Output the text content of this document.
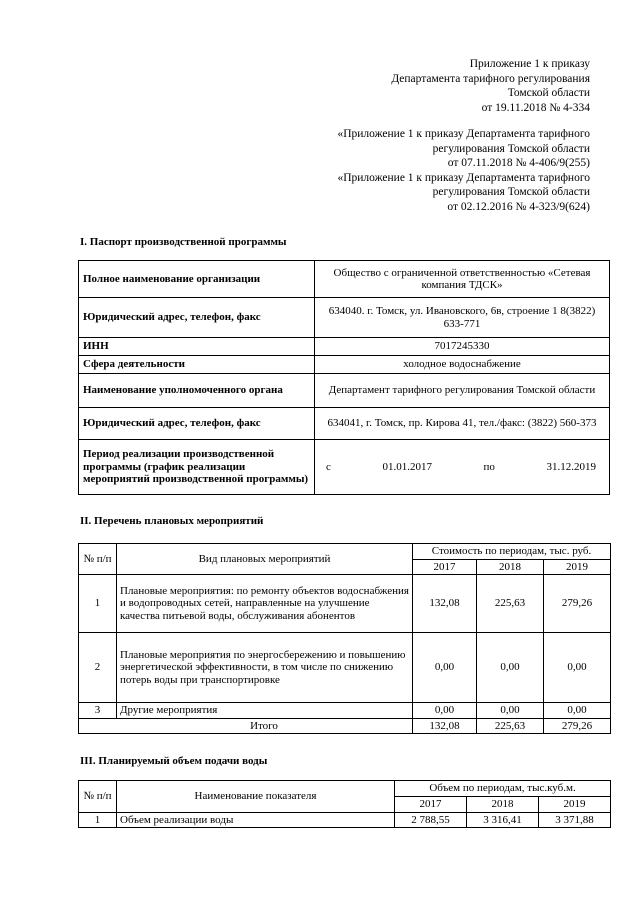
Приложение 1 к приказу
Департамента тарифного регулирования
Томской области
от 19.11.2018 № 4-334
«Приложение 1 к приказу Департамента тарифного
регулирования Томской области
от 07.11.2018 № 4-406/9(255)
«Приложение 1 к приказу Департамента тарифного
регулирования Томской области
от 02.12.2016 № 4-323/9(624)
I. Паспорт производственной программы
Полное наименование организации	Общество с ограниченной ответственностью «Сетевая компания ТДСК»
Юридический адрес, телефон, факс	634040. г. Томск, ул. Ивановского, 6в, строение 1 8(3822) 633-771
ИНН	7017245330
Сфера деятельности	холодное водоснабжение
Наименование уполномоченного органа	Департамент тарифного регулирования Томской области
Юридический адрес, телефон, факс	634041, г. Томск, пр. Кирова 41, тел./факс: (3822) 560-373
Период реализации производственной программы (график реализации мероприятий производственной программы)	с 01.01.2017 по 31.12.2019
II. Перечень плановых мероприятий
№ п/п	Вид плановых мероприятий	Стоимость по периодам, тыс. руб.		
		2017	2018	2019
1	Плановые мероприятия: по ремонту объектов водоснабжения и водопроводных сетей, направленные на улучшение качества питьевой воды, обслуживания абонентов	132,08	225,63	279,26
2	Плановые мероприятия по энергосбережению и повышению энергетической эффективности, в том числе по снижению потерь воды при транспортировке	0,00	0,00	0,00
3	Другие мероприятия	0,00	0,00	0,00
Итого		132,08	225,63	279,26
III. Планируемый объем подачи воды
№ п/п	Наименование показателя	Объем по периодам, тыс.куб.м.		
		2017	2018	2019
1	Объем реализации воды	2 788,55	3 316,41	3 371,88
